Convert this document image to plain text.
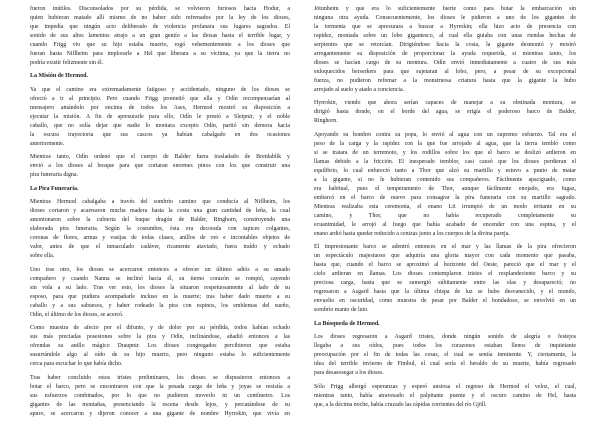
fueron inútiles. Disconsolados por su pérdida, se volvieron furiosos hacia Hodur, a
quien hubieran matado allí mismo de no haber sido refrenados por la ley de los dioses,
que impedía que ningún acto deliberado de violencia profanara sus lugares sagrados. El
sonido de sus altos lamentos atrajo a un gran gentío a las diosas hasta el terrible lugar, y
cuando Frigg vio que su hijo estaba muerto, rogó vehementemente a los dioses que
fueran hasta Niflheim para implorarle a Hel que liberara a su víctima, ya que la tierra no
podría existir felizmente sin él.
La Misión de Hermod.
Ya que el camino era extremadamente fatigoso y accidentado, ninguno de los dioses se
ofreció a ir al principio. Pero cuando Frigg prometió que ella y Odín recompensarían al
mensajero amándolo por encima de todos los Ases, Hermod mostró su disposición a
ejecutar la misión. A fin de apresurarle para ello, Odín le prestó a Sleipnir, y el noble
caballo, que no solía dejar que nadie lo montara excepto Odín, partió sin demora hacia
la oscura trayectoria que sus cascos ya habían cabalgado en dos ocasiones
anteriormente.
Mientras tanto, Odín ordenó que el cuerpo de Balder fuera trasladado de Breidablik y
envió a los dioses al bosque para que cortaran enormes pinos con los que construir una
pira funeraria digna.
La Pira Funeraria.
Mientras Hermod cabalgaba a través del sombrío camino que conducía al Niflheim, los
dioses cortaron y acarrearon mucha madera hasta la costa una gran cantidad de leña, la cual
amontonaron sobre la cubierta del buque dragón de Balder, Ringhorn, construyendo una
elaborada pira funeraria. Según la costumbre, ésta era decorada con tapices colgantes,
coronas de flores, armas y vasijas de todas clases, anillos de oro e incontables objetos de
valor, antes de que el inmaculado cadáver, ricamente ataviado, fuera traído y echado
sobre ella.
Uno tras otro, los dioses se acercaron entonces a ofrecer un último adiós a su amado
compañero y cuando Nanna se inclinó hacia él, su tierno corazón se rompió, cayendo
sin vida a su lado. Tras ver esto, los dioses la situaron respetuosamente al lado de su
esposo, para que pudiera acompañarle incluso en la muerte; tras haber dado muerte a su
caballo y a sus sabuesos, y haber rodeado la pira con espinos, los emblemas del sueño,
Odín, el último de los dioses, se acercó.
Como muestra de afecto por el difunto, y de dolor por su pérdida, todos habían echado
sus más preciadas posesiones sobre la pira y Odín, inclinándose, añadió entonces a las
ofrendas su anillo mágico Draupnir. Los dioses congregados percibieron que estaba
susurrándole algo al oído de su hijo muerto, pero ninguno estaba lo suficientemente
cerca para escuchar lo que había dicho.
Tras haber concluido estos tristes preliminares, los dioses se dispusieron entonces a
botar el barco, pero se encontraron con que la pesada carga de leña y joyas se resistía a
sus esfuerzos combinados, por lo que no pudieron moverlo ni un centímetro. Los
gigantes de las montañas, presenciando la escena desde lejos, y percatándose de su
apuro, se acercaron y dijeron conocer a una gigante de nombre Hyrrokin, que vivía en
Jötunheim y que era lo suficientemente fuerte como para botar la embarcación sin
ninguna otra ayuda. Consecuentemente, los dioses le pidieron a uno de los gigantes de
la tormenta que se apresurara a buscar a Hyrrokin; ella hizo acto de presencia con
rapidez, montada sobre un lobo gigantesco, al cual ella guiaba con unas riendas hechas de
serpientes que se retorcían. Dirigiéndose hacia la costa, la gigante desmontó y mostró
arrogantemente su disposición de proporcionar la ayuda requerida, si mientras tanto, los
dioses se hacían cargo de su montura. Odín envió inmediatamente a cuatro de sus más
enloquecidos berserkers para que sujetaran al lobo, pero, a pesar de su excepcional
fuerza, no pudieron refrenar a la monstruosa criatura hasta que la gigante la hubo
arrojado al suelo y atado a conciencia.
Hyrrokin, viendo que ahora serían capaces de manejar a su obstinada montura, se
dirigió hasta donde, en el borde del agua, se erigía el poderoso barco de Balder,
Ringhorn.
Apoyando su hombro contra su popa, lo envió al agua con un supremo esfuerzo. Tal era el
peso de la carga y la rapidez con la que fue arrojado al agua, que la tierra tembló como
si se tratara de un terremoto, y los rodillos sobre los que el barco se deslizó ardieron en
llamas debido a la fricción. El inesperado temblor, casi causó que los dioses perdieran el
equilibrio, lo cual enfureció tanto a Thor que alzó su martillo y estuvo a punto de matar
a la gigante, si no le hubieran contenido sus compañeros. Fácilmente apaciguado, como
era habitual, pues el temperamento de Thor, aunque fácilmente enojado, era fugaz,
embarcó en el barco de nuevo para consagrar la pira funeraria con su martillo sagrado.
Mientras realizaba esta ceremonia, el enano Lit irrumpió de un modo irritante en su
camino, y Thor, que no había recuperado completamente su
ecuanimidad, le arrojó al fuego que había acabado de encender con una espina, y el
enano ardió hasta quedar reducido a cenizas junto a los cuerpos de la divina pareja.
El impresionante barco se adentró entonces en el mar y las llamas de la pira ofrecieron
un espectáculo majestuoso que adquiría una gloria mayor con cada momento que pasaba,
hasta que, cuando el barco se aproximó al horizonte del Oeste, pareció que el mar y el
cielo ardieran en llamas. Los dioses contemplaron tristes el resplandeciente barco y su
preciosa carga, hasta que se sumergió súbitamente entre las olas y desapareció; no
regresaron a Asgard hasta que la última chispa de luz se hubo desvanecido, y el mundo,
envuelto en oscuridad, como muestra de pesar por Balder el bondadoso, se envolvió en un
sombrío manto de luto.
La Búsqueda de Hermod.
Los dioses regresaron a Asgard tristes, donde ningún sonido de alegría o festejos
llegaba a sus oídos, pues todos los corazones estaban llenos de inquietante
preocupación por el fin de todas las cosas, el cual se sentía inminente. Y, ciertamente, la
idea del terrible invierno de Fimbul, el cual sería el heraldo de su muerte, había regresado
para desasosegar a los dioses.
Sólo Frigg albergó esperanzas y esperó ansiosa el regreso de Hermod el veloz, el cual,
mientras tanto, había atravesado el palpitante puente y el oscuro camino de Hel, hasta
que, a la décima noche, había cruzado las rápidas corrientes del río Gjöll.
